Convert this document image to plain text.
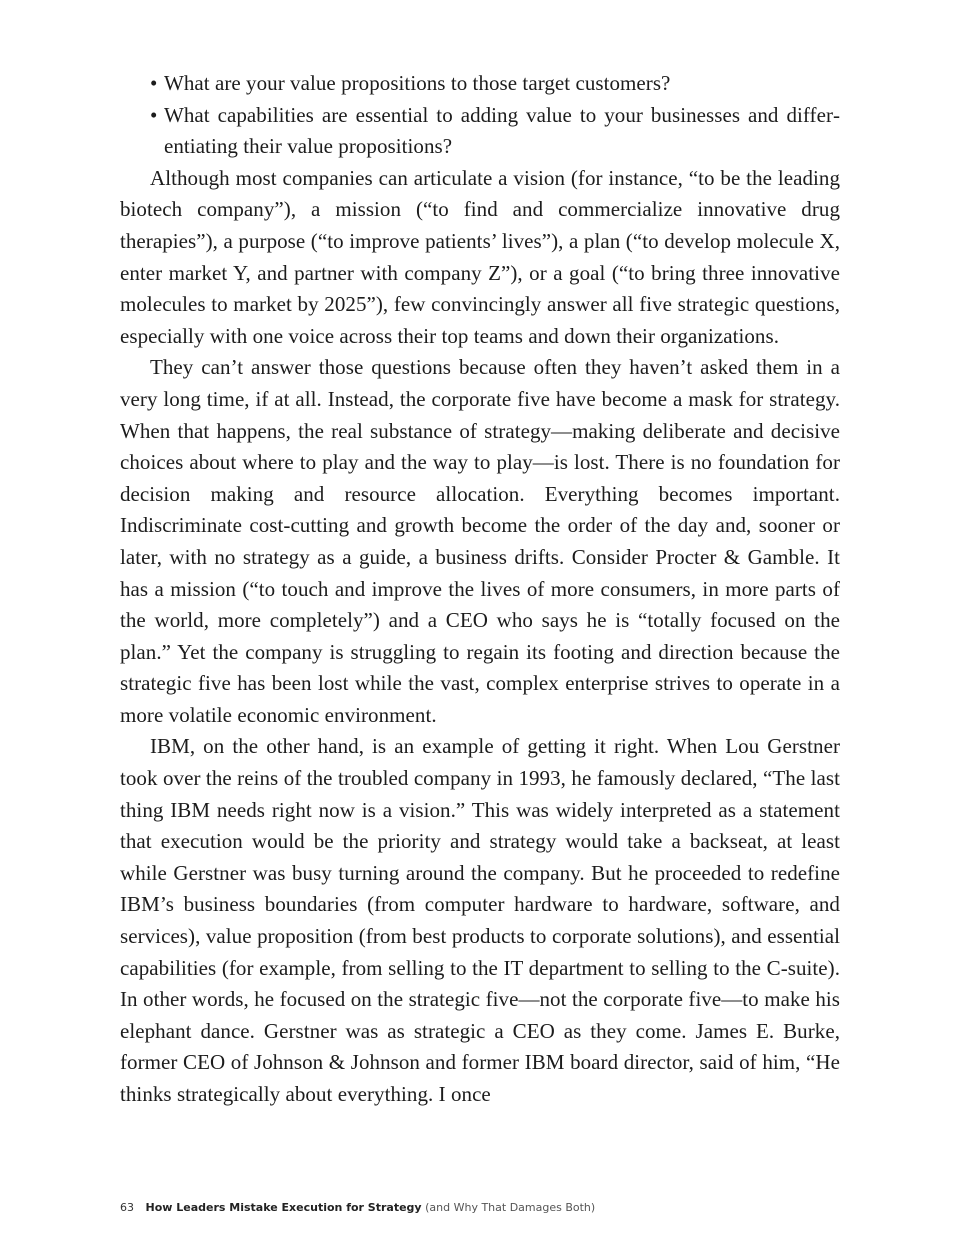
• What are your value propositions to those target customers?
• What capabilities are essential to adding value to your businesses and differentiating their value propositions?

Although most companies can articulate a vision (for instance, “to be the leading biotech company”), a mission (“to find and commercialize innovative drug therapies”), a purpose (“to improve patients’ lives”), a plan (“to develop molecule X, enter market Y, and partner with company Z”), or a goal (“to bring three innovative molecules to market by 2025”), few convincingly answer all five strategic questions, especially with one voice across their top teams and down their organizations.

They can’t answer those questions because often they haven’t asked them in a very long time, if at all. Instead, the corporate five have become a mask for strategy. When that happens, the real substance of strategy—making deliberate and decisive choices about where to play and the way to play—is lost. There is no foundation for decision making and resource allocation. Everything becomes important. Indiscriminate cost-cutting and growth become the order of the day and, sooner or later, with no strategy as a guide, a business drifts. Consider Procter & Gamble. It has a mission (“to touch and improve the lives of more consumers, in more parts of the world, more completely”) and a CEO who says he is “totally focused on the plan.” Yet the company is struggling to regain its footing and direction because the strategic five has been lost while the vast, complex enterprise strives to operate in a more volatile economic environment.

IBM, on the other hand, is an example of getting it right. When Lou Gerstner took over the reins of the troubled company in 1993, he famously declared, “The last thing IBM needs right now is a vision.” This was widely interpreted as a statement that execution would be the priority and strategy would take a backseat, at least while Gerstner was busy turning around the company. But he proceeded to redefine IBM’s business boundaries (from computer hardware to hardware, software, and services), value proposition (from best products to corporate solutions), and essential capabilities (for example, from selling to the IT department to selling to the C-suite). In other words, he focused on the strategic five—not the corporate five—to make his elephant dance. Gerstner was as strategic a CEO as they come. James E. Burke, former CEO of Johnson & Johnson and former IBM board director, said of him, “He thinks strategically about everything. I once

63 How Leaders Mistake Execution for Strategy (and Why That Damages Both)
